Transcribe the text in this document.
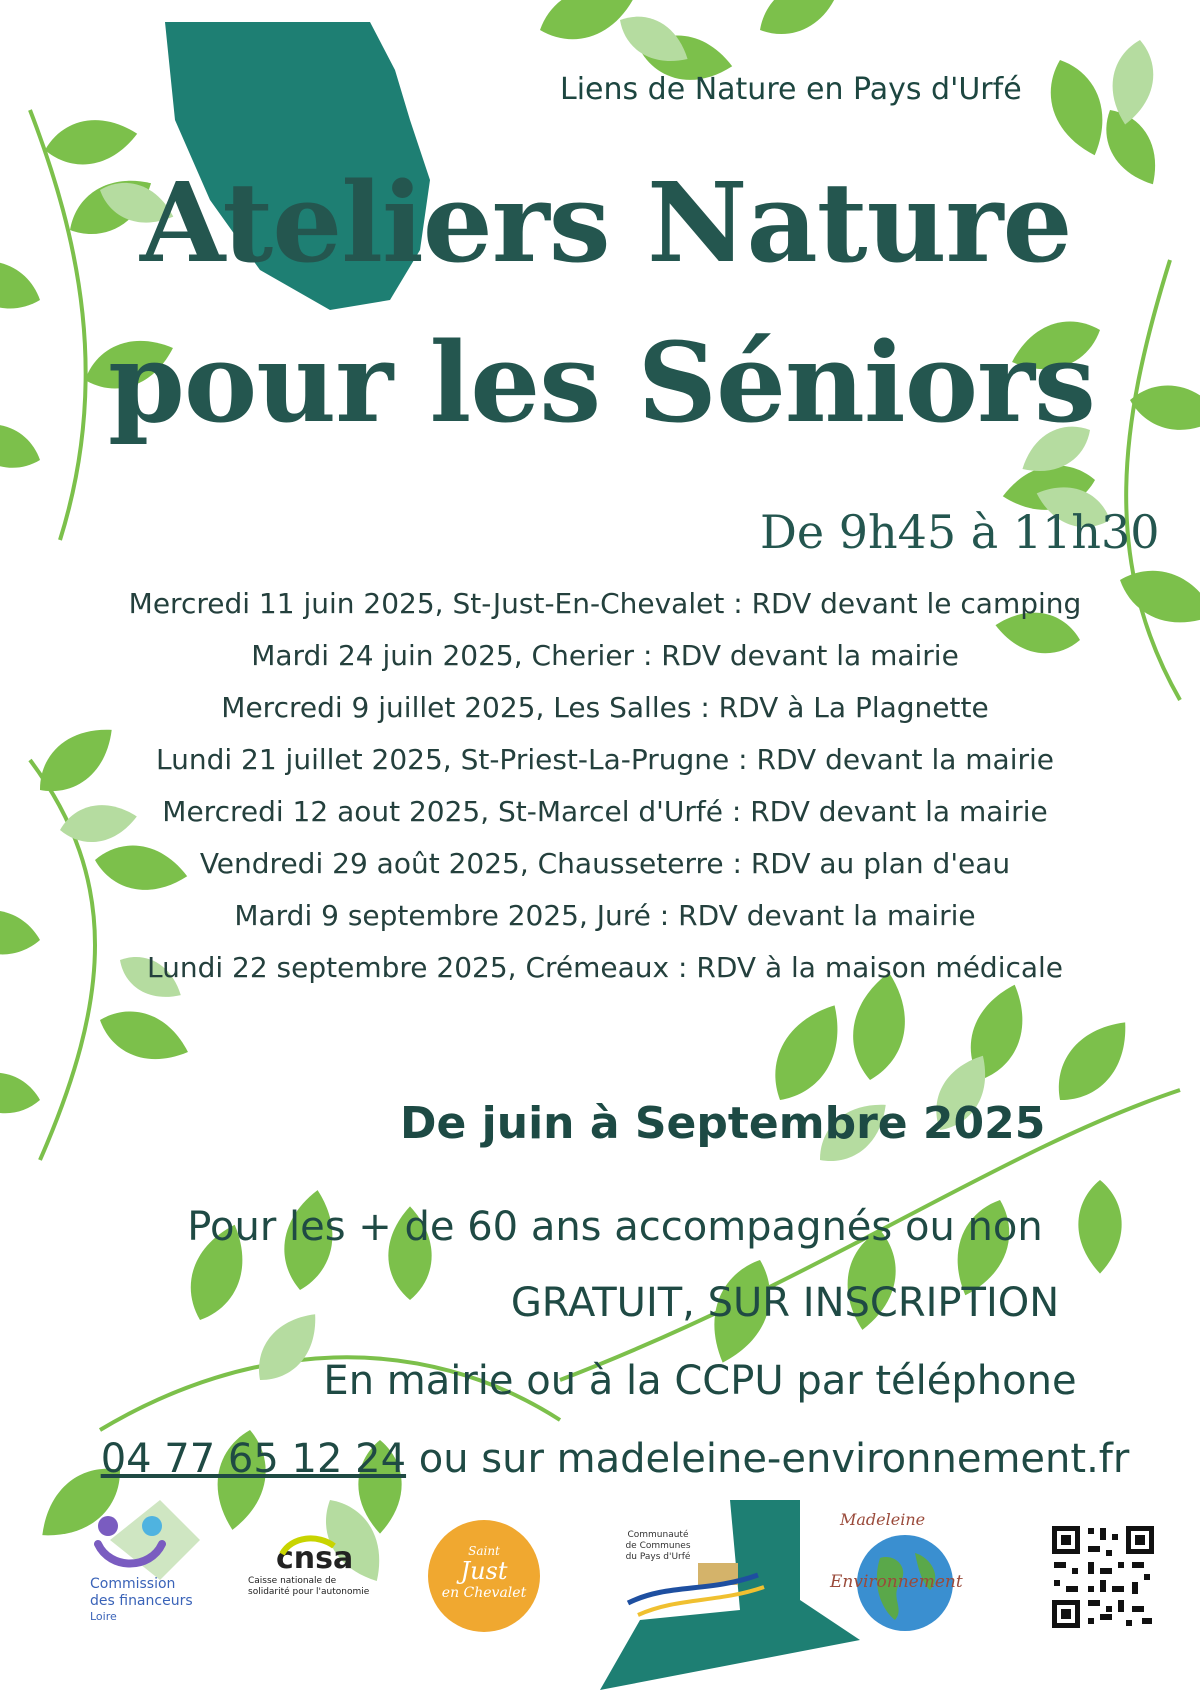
Liens de Nature en Pays d'Urfé
Ateliers Nature
pour les Séniors
De 9h45 à 11h30
Mercredi 11 juin 2025, St-Just-En-Chevalet : RDV devant le camping
Mardi 24 juin 2025, Cherier : RDV devant la mairie
Mercredi 9 juillet 2025, Les Salles : RDV à La Plagnette
Lundi 21 juillet 2025, St-Priest-La-Prugne : RDV devant la mairie
Mercredi 12 aout 2025, St-Marcel d'Urfé : RDV devant la mairie
Vendredi 29 août 2025, Chausseterre : RDV au plan d'eau
Mardi 9 septembre 2025, Juré : RDV devant la mairie
Lundi 22 septembre 2025, Crémeaux : RDV à la maison médicale
De juin à Septembre 2025
Pour les + de 60 ans accompagnés ou non
GRATUIT, SUR INSCRIPTION
En mairie ou à la CCPU par téléphone
04 77 65 12 24 ou sur madeleine-environnement.fr
Commission
des financeurs
Loire
cnsa
Caisse nationale de
solidarité pour l'autonomie
Saint
Just
en Chevalet
Communauté
de Communes
du Pays d'Urfé
Madeleine
Environnement
